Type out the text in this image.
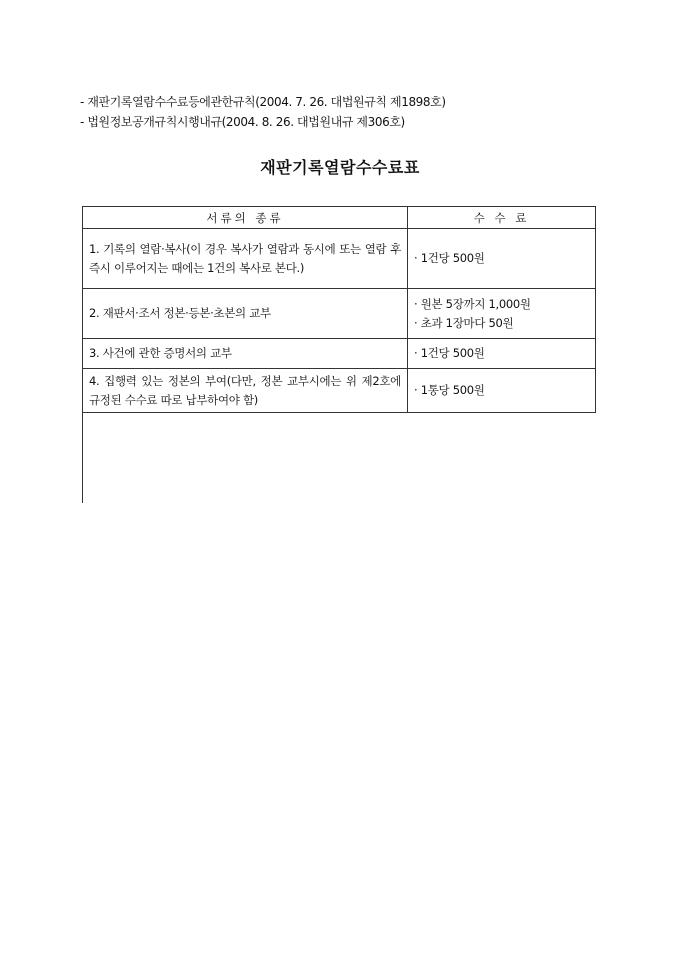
- 재판기록열람수수료등에관한규칙(2004. 7. 26. 대법원규칙 제1898호)
- 법원정보공개규칙시행내규(2004. 8. 26. 대법원내규 제306호)
재판기록열람수수료표
서류의 종류	수 수 료
1. 기록의 열람·복사(이 경우 복사가 열람과 동시에 또는 열람 후 즉시 이루어지는 때에는 1건의 복사로 본다.)	· 1건당 500원

2. 재판서·조서 정본·등본·초본의 교부	· 원본 5장까지 1,000원
· 초과 1장마다 50원

3. 사건에 관한 증명서의 교부	· 1건당 500원

4. 집행력 있는 정본의 부여(다만, 정본 교부시에는 위 제2호에 규정된 수수료 따로 납부하여야 함)	· 1통당 500원
